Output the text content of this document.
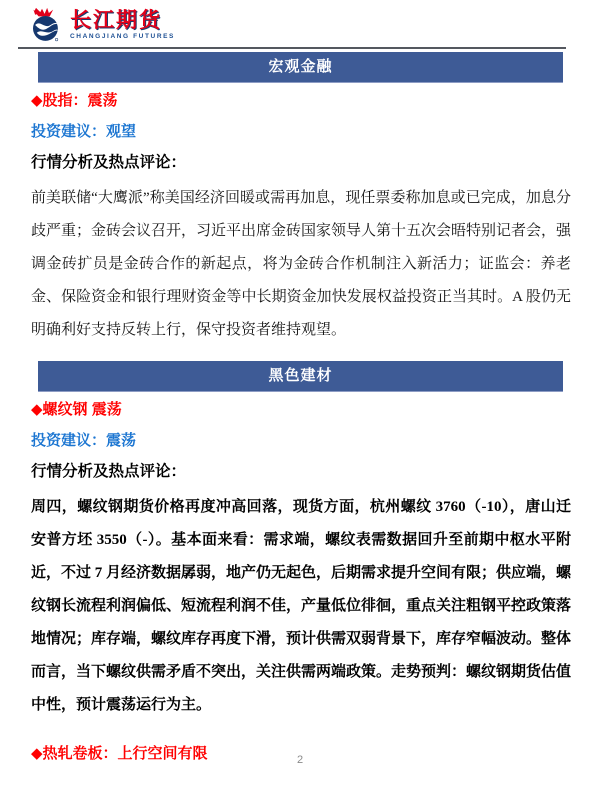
长江期货
CHANGJIANG FUTURES
宏观金融

◆股指：震荡

投资建议：观望

行情分析及热点评论：

前美联储“大鹰派”称美国经济回暖或需再加息，现任票委称加息或已完成，加息分歧严重；金砖会议召开，习近平出席金砖国家领导人第十五次会晤特别记者会，强调金砖扩员是金砖合作的新起点，将为金砖合作机制注入新活力；证监会：养老金、保险资金和银行理财资金等中长期资金加快发展权益投资正当其时。A 股仍无明确利好支持反转上行，保守投资者维持观望。

黑色建材

◆螺纹钢 震荡

投资建议：震荡

行情分析及热点评论：

周四，螺纹钢期货价格再度冲高回落，现货方面，杭州螺纹 3760（-10），唐山迁安普方坯 3550（-）。基本面来看：需求端，螺纹表需数据回升至前期中枢水平附近，不过 7 月经济数据孱弱，地产仍无起色，后期需求提升空间有限；供应端，螺纹钢长流程利润偏低、短流程利润不佳，产量低位徘徊，重点关注粗钢平控政策落地情况；库存端，螺纹库存再度下滑，预计供需双弱背景下，库存窄幅波动。整体而言，当下螺纹供需矛盾不突出，关注供需两端政策。走势预判：螺纹钢期货估值中性，预计震荡运行为主。

◆热轧卷板：上行空间有限	2
